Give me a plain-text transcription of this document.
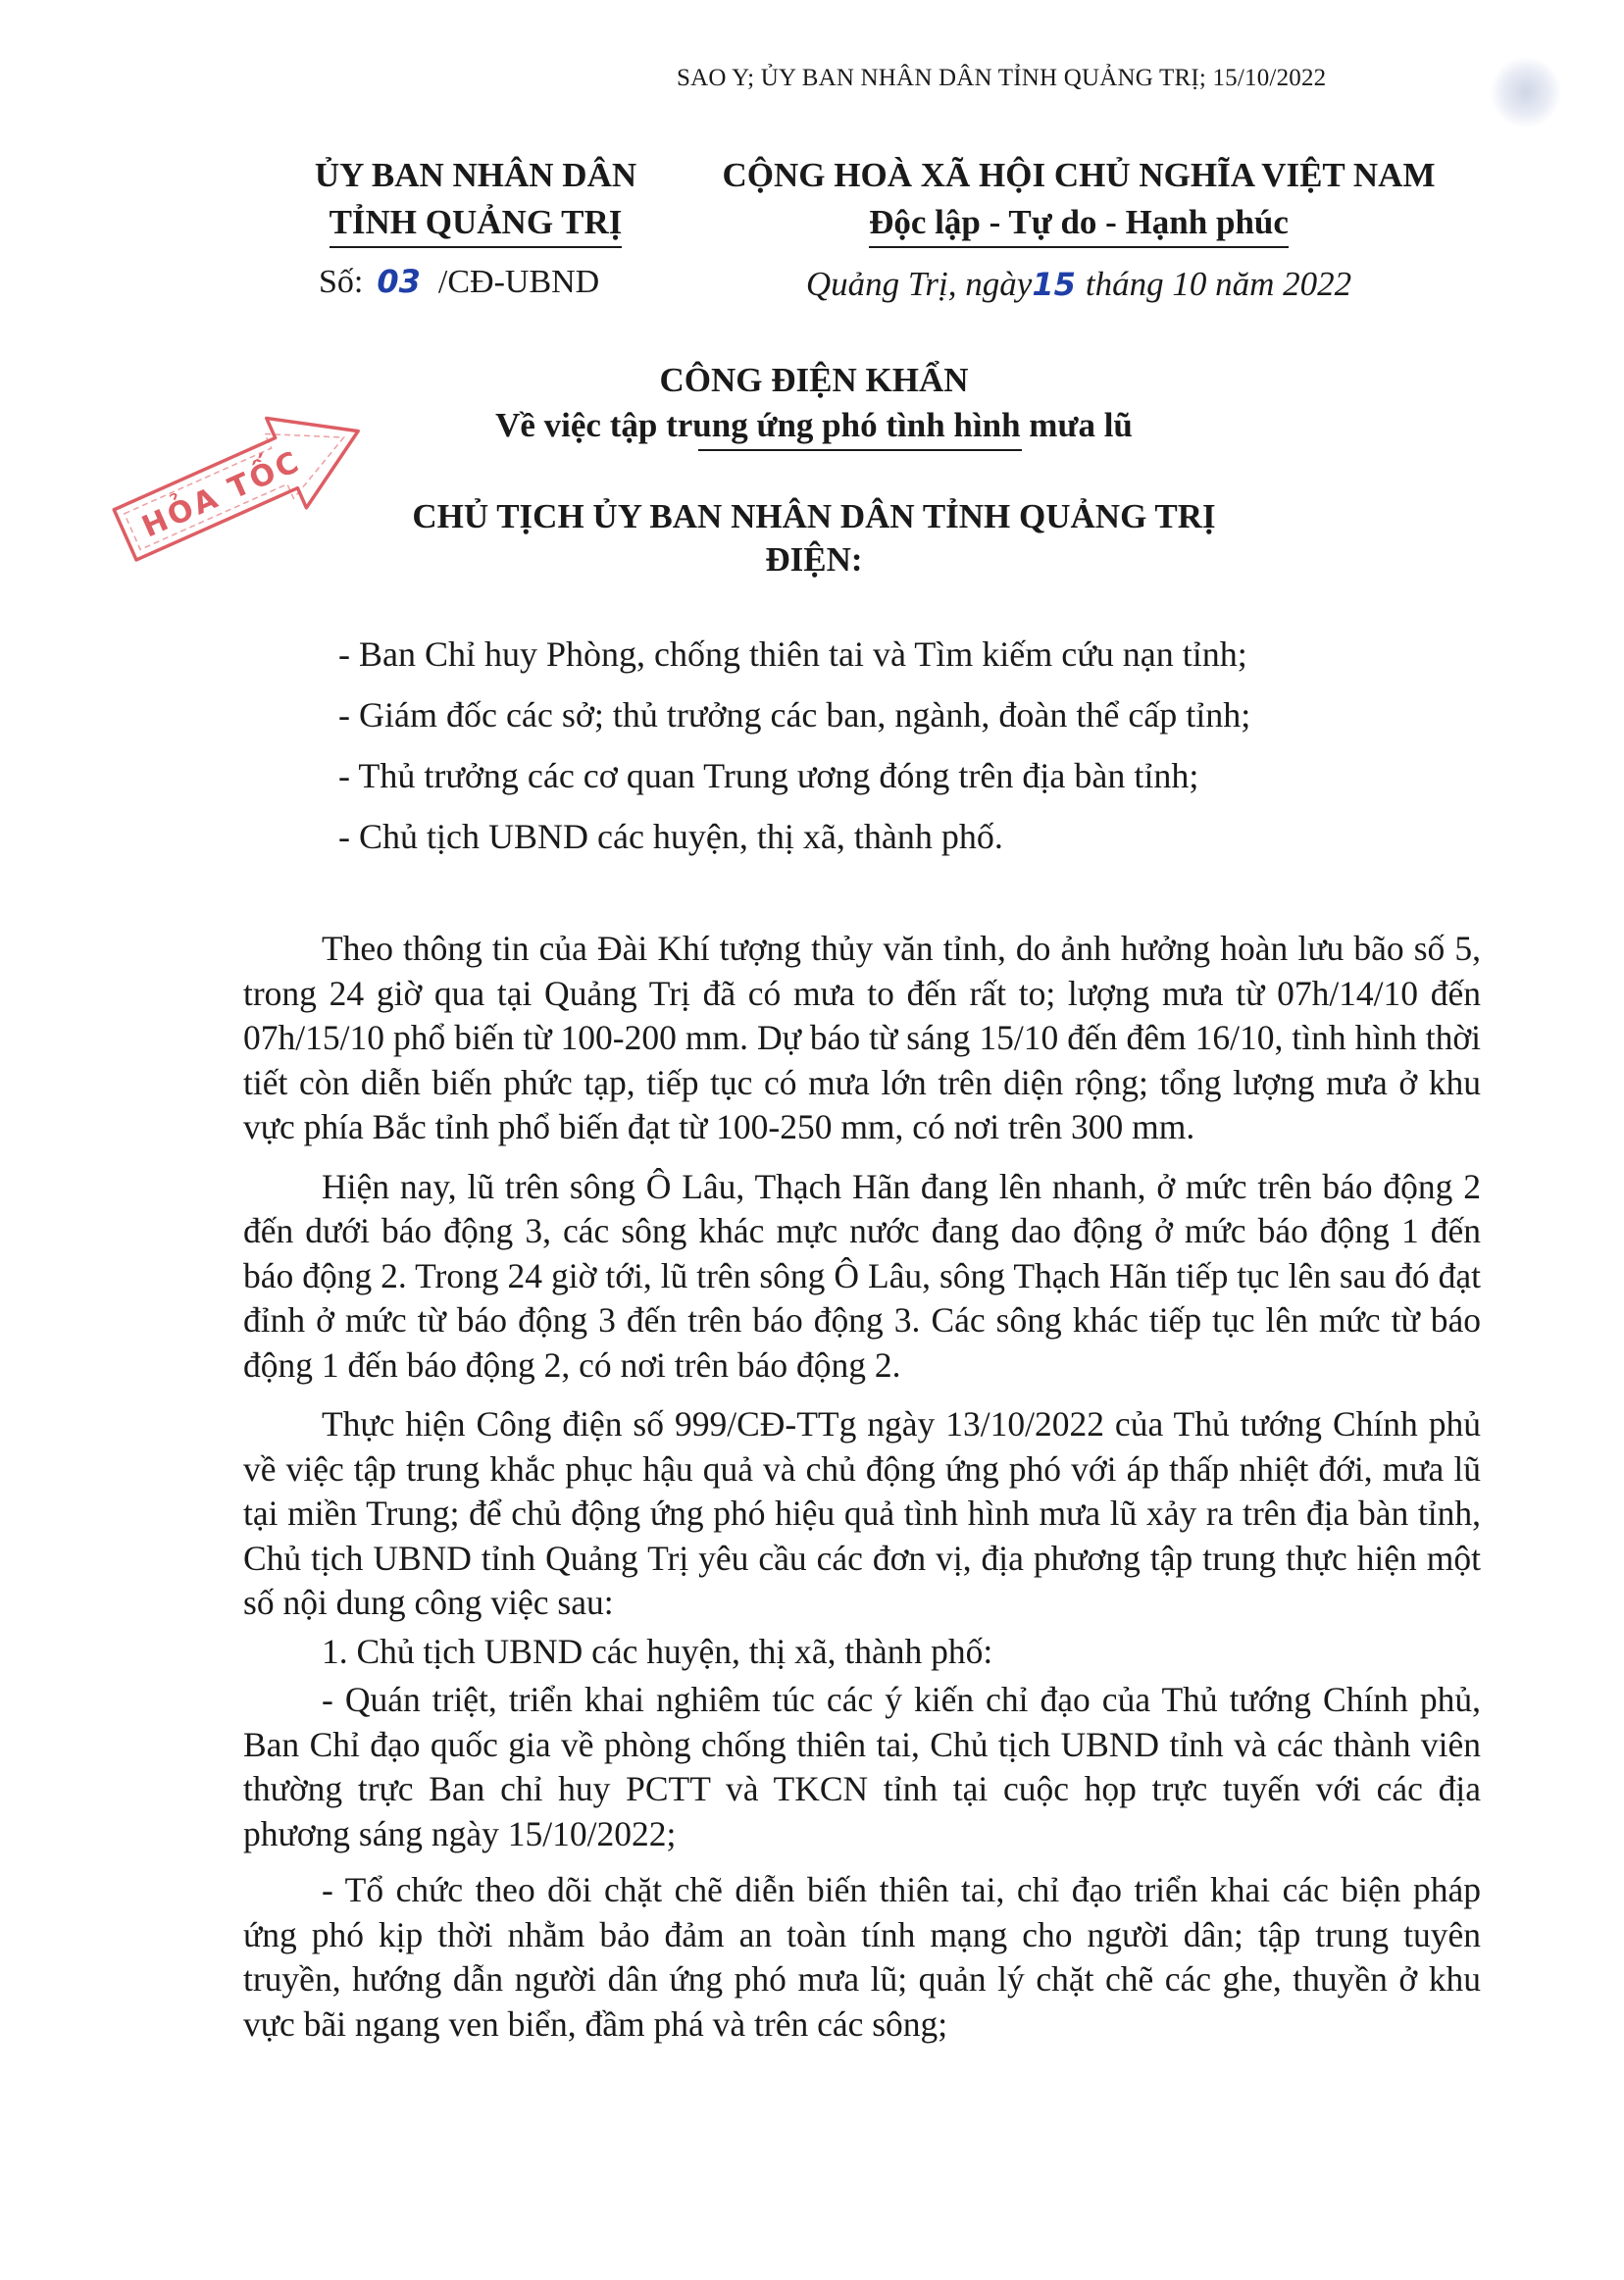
SAO Y; ỦY BAN NHÂN DÂN TỈNH QUẢNG TRỊ; 15/10/2022
ỦY BAN NHÂN DÂN
TỈNH QUẢNG TRỊ
Số: 03 /CĐ-UBND
CỘNG HOÀ XÃ HỘI CHỦ NGHĨA VIỆT NAM
Độc lập - Tự do - Hạnh phúc
Quảng Trị, ngày15 tháng 10 năm 2022
HỎA TỐC
CÔNG ĐIỆN KHẨN
Về việc tập trung ứng phó tình hình mưa lũ
CHỦ TỊCH ỦY BAN NHÂN DÂN TỈNH QUẢNG TRỊ
ĐIỆN:
- Ban Chỉ huy Phòng, chống thiên tai và Tìm kiếm cứu nạn tỉnh;
- Giám đốc các sở; thủ trưởng các ban, ngành, đoàn thể cấp tỉnh;
- Thủ trưởng các cơ quan Trung ương đóng trên địa bàn tỉnh;
- Chủ tịch UBND các huyện, thị xã, thành phố.

Theo thông tin của Đài Khí tượng thủy văn tỉnh, do ảnh hưởng hoàn lưu bão số 5, trong 24 giờ qua tại Quảng Trị đã có mưa to đến rất to; lượng mưa từ 07h/14/10 đến 07h/15/10 phổ biến từ 100-200 mm. Dự báo từ sáng 15/10 đến đêm 16/10, tình hình thời tiết còn diễn biến phức tạp, tiếp tục có mưa lớn trên diện rộng; tổng lượng mưa ở khu vực phía Bắc tỉnh phổ biến đạt từ 100-250 mm, có nơi trên 300 mm.

Hiện nay, lũ trên sông Ô Lâu, Thạch Hãn đang lên nhanh, ở mức trên báo động 2 đến dưới báo động 3, các sông khác mực nước đang dao động ở mức báo động 1 đến báo động 2. Trong 24 giờ tới, lũ trên sông Ô Lâu, sông Thạch Hãn tiếp tục lên sau đó đạt đỉnh ở mức từ báo động 3 đến trên báo động 3. Các sông khác tiếp tục lên mức từ báo động 1 đến báo động 2, có nơi trên báo động 2.

Thực hiện Công điện số 999/CĐ-TTg ngày 13/10/2022 của Thủ tướng Chính phủ về việc tập trung khắc phục hậu quả và chủ động ứng phó với áp thấp nhiệt đới, mưa lũ tại miền Trung; để chủ động ứng phó hiệu quả tình hình mưa lũ xảy ra trên địa bàn tỉnh, Chủ tịch UBND tỉnh Quảng Trị yêu cầu các đơn vị, địa phương tập trung thực hiện một số nội dung công việc sau:

1. Chủ tịch UBND các huyện, thị xã, thành phố:

- Quán triệt, triển khai nghiêm túc các ý kiến chỉ đạo của Thủ tướng Chính phủ, Ban Chỉ đạo quốc gia về phòng chống thiên tai, Chủ tịch UBND tỉnh và các thành viên thường trực Ban chỉ huy PCTT và TKCN tỉnh tại cuộc họp trực tuyến với các địa phương sáng ngày 15/10/2022;

- Tổ chức theo dõi chặt chẽ diễn biến thiên tai, chỉ đạo triển khai các biện pháp ứng phó kịp thời nhằm bảo đảm an toàn tính mạng cho người dân; tập trung tuyên truyền, hướng dẫn người dân ứng phó mưa lũ; quản lý chặt chẽ các ghe, thuyền ở khu vực bãi ngang ven biển, đầm phá và trên các sông;
